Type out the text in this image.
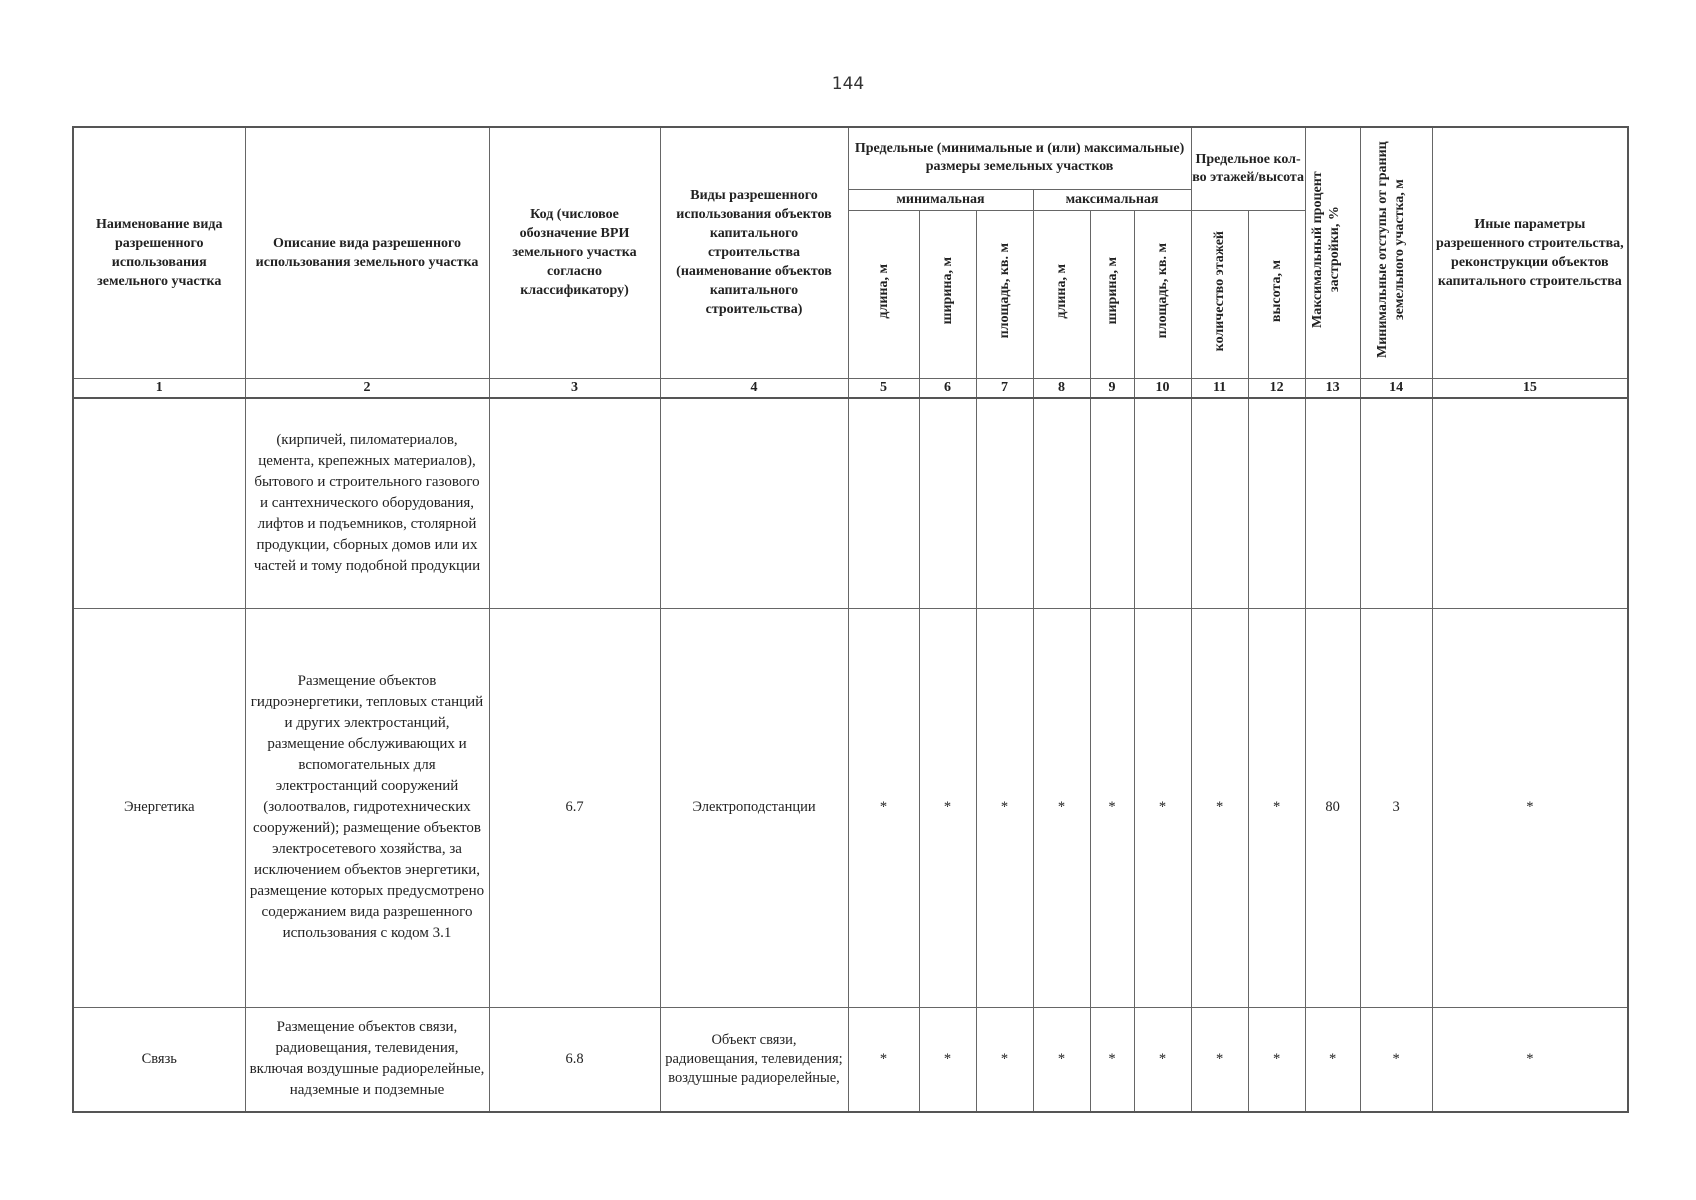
144
Наименование вида разрешенного использования земельного участка	Описание вида разрешенного использования земельного участка	Код (числовое обозначение ВРИ земельного участка согласно классификатору)	Виды разрешенного использования объектов капитального строительства (наименование объектов капитального строительства)	Предельные (минимальные и (или) максимальные) размеры земельных участков						Предельное кол-во этажей/высота		Максимальный процент застройки, %	Минимальные отступы от границ земельного участка, м	Иные параметры разрешенного строительства, реконструкции объектов капитального строительства
				минимальная			максимальная							
				длина, м	ширина, м	площадь, кв. м	длина, м	ширина, м	площадь, кв. м	количество этажей	высота, м			
1	2	3	4	5	6	7	8	9	10	11	12	13	14	15
	(кирпичей, пиломатериалов, цемента, крепежных материалов), бытового и строительного газового и сантехнического оборудования, лифтов и подъемников, столярной продукции, сборных домов или их частей и тому подобной продукции													
Энергетика	Размещение объектов гидроэнергетики, тепловых станций и других электростанций, размещение обслуживающих и вспомогательных для электростанций сооружений (золоотвалов, гидротехнических сооружений); размещение объектов электросетевого хозяйства, за исключением объектов энергетики, размещение которых предусмотрено содержанием вида разрешенного использования с кодом 3.1	6.7	Электроподстанции	*	*	*	*	*	*	*	*	80	3	*
Связь	Размещение объектов связи, радиовещания, телевидения, включая воздушные радиорелейные, надземные и подземные	6.8	Объект связи, радиовещания, телевидения; воздушные радиорелейные,	*	*	*	*	*	*	*	*	*	*	*
